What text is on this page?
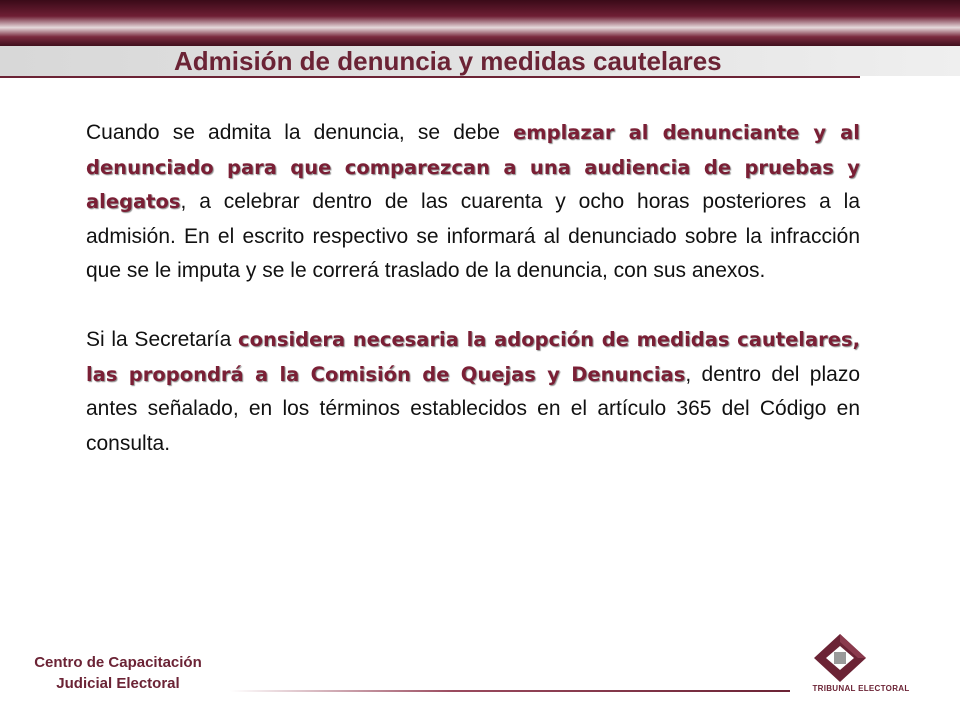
Admisión de denuncia y medidas cautelares

Cuando se admita la denuncia, se debe emplazar al denunciante y al denunciado para que comparezcan a una audiencia de pruebas y alegatos, a celebrar dentro de las cuarenta y ocho horas posteriores a la admisión. En el escrito respectivo se informará al denunciado sobre la infracción que se le imputa y se le correrá traslado de la denuncia, con sus anexos.

Si la Secretaría considera necesaria la adopción de medidas cautelares, las propondrá a la Comisión de Quejas y Denuncias, dentro del plazo antes señalado, en los términos establecidos en el artículo 365 del Código en consulta.

Centro de Capacitación
Judicial Electoral	TRIBUNAL ELECTORAL
